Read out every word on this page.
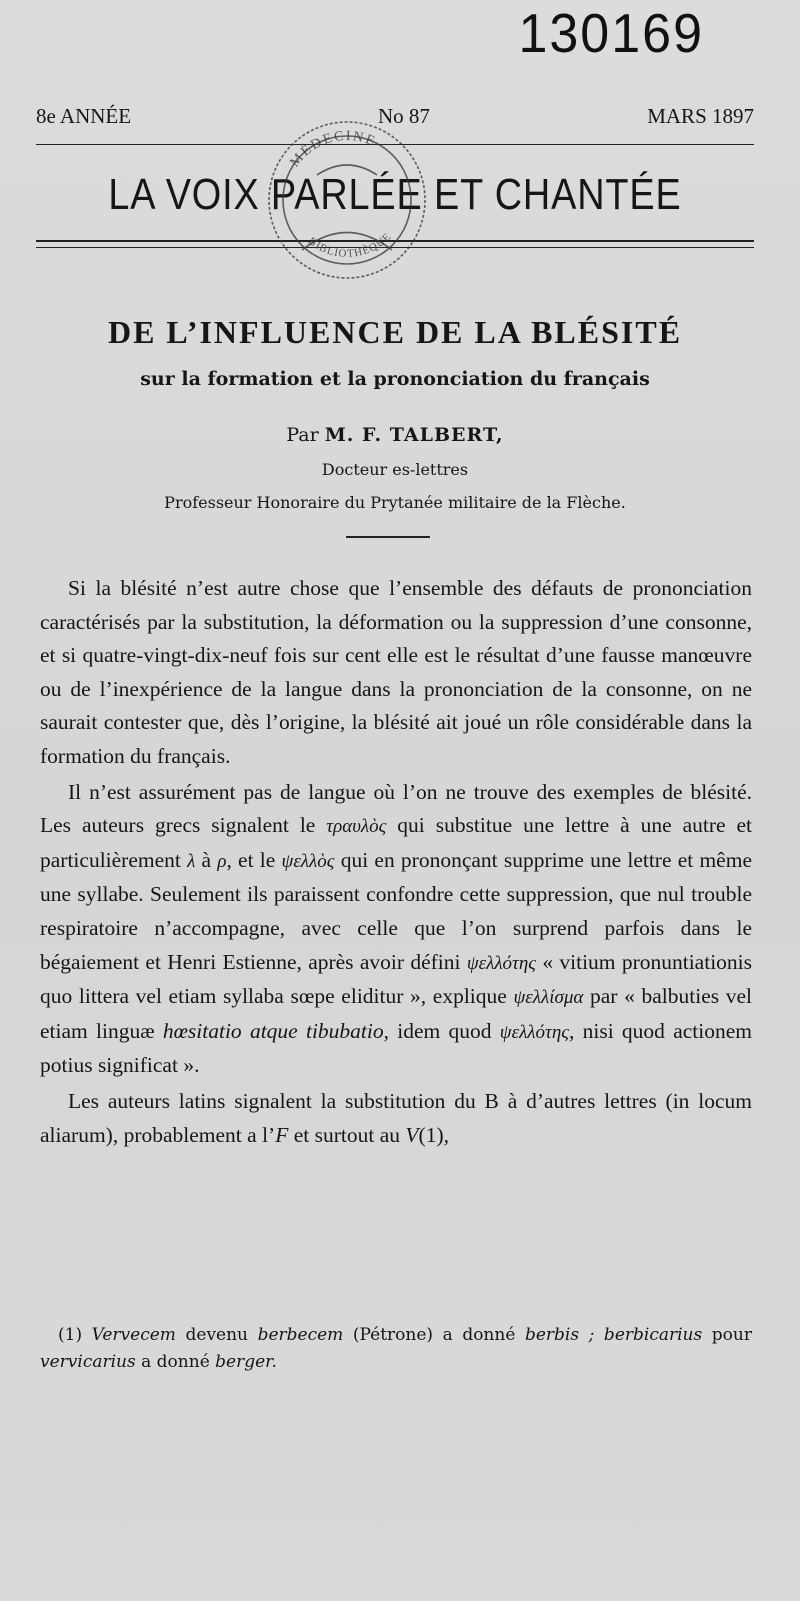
130169
8e ANNÉE	No 87	MARS 1897
LA VOIX PARLÉE ET CHANTÉE
MÉDECINE
BIBLIOTHÈQUE
DE L’INFLUENCE DE LA BLÉSITÉ
sur la formation et la prononciation du français
Par M. F. TALBERT,
Docteur es-lettres
Professeur Honoraire du Prytanée militaire de la Flèche.

Si la blésité n’est autre chose que l’ensemble des défauts de prononciation caractérisés par la substitution, la déformation ou la suppression d’une consonne, et si quatre-vingt-dix-neuf fois sur cent elle est le résultat d’une fausse manœuvre ou de l’inexpérience de la langue dans la prononciation de la consonne, on ne saurait contester que, dès l’origine, la blésité ait joué un rôle considérable dans la formation du français.

Il n’est assurément pas de langue où l’on ne trouve des exemples de blésité. Les auteurs grecs signalent le τραυλὸς qui substitue une lettre à une autre et particulièrement λ à ρ, et le ψελλὸς qui en prononçant supprime une lettre et même une syllabe. Seulement ils paraissent confondre cette suppression, que nul trouble respiratoire n’accompagne, avec celle que l’on surprend parfois dans le bégaiement et Henri Estienne, après avoir défini ψελλότης « vitium pronuntiationis quo littera vel etiam syllaba sœpe eliditur », explique ψελλίσμα par « balbuties vel etiam linguæ hœsitatio atque tibubatio, idem quod ψελλότης, nisi quod actionem potius significat ».

Les auteurs latins signalent la substitution du B à d’autres lettres (in locum aliarum), probablement a l’F et surtout au V(1),

(1) Vervecem devenu berbecem (Pétrone) a donné berbis ; berbicarius pour vervicarius a donné berger.
